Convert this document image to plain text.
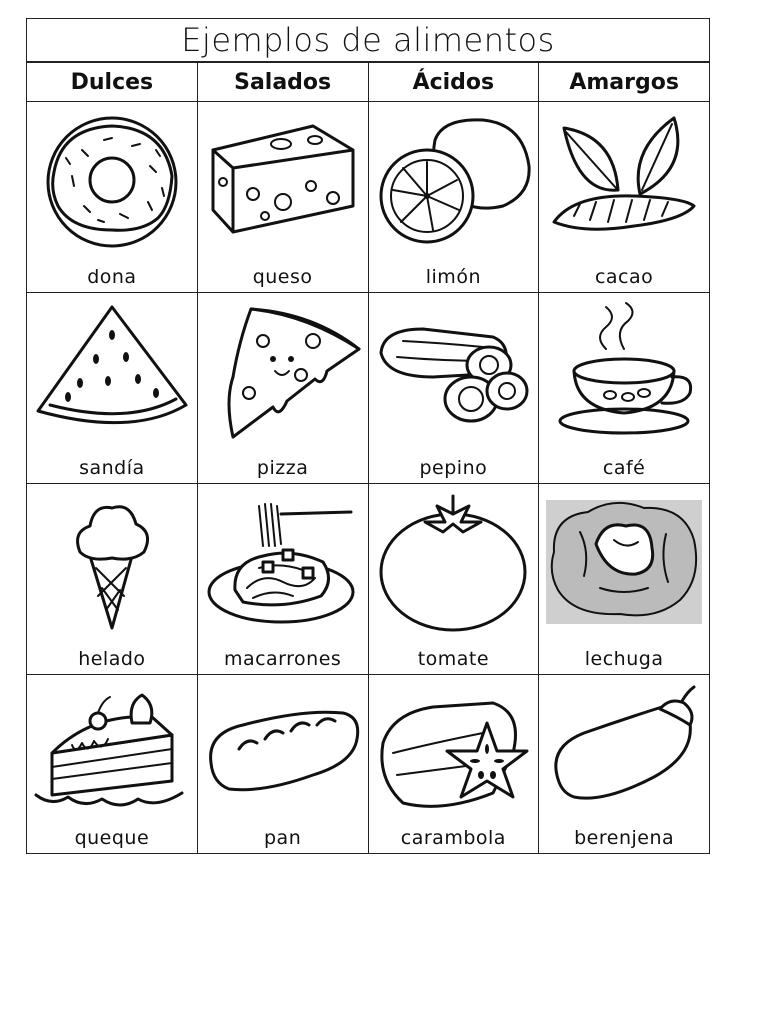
Ejemplos de alimentos
Dulces	Salados	Ácidos	Amargos

dona	queso	limón	cacao

sandía	pizza	pepino	café

helado	macarrones	tomate	lechuga

queque	pan	carambola	berenjena
